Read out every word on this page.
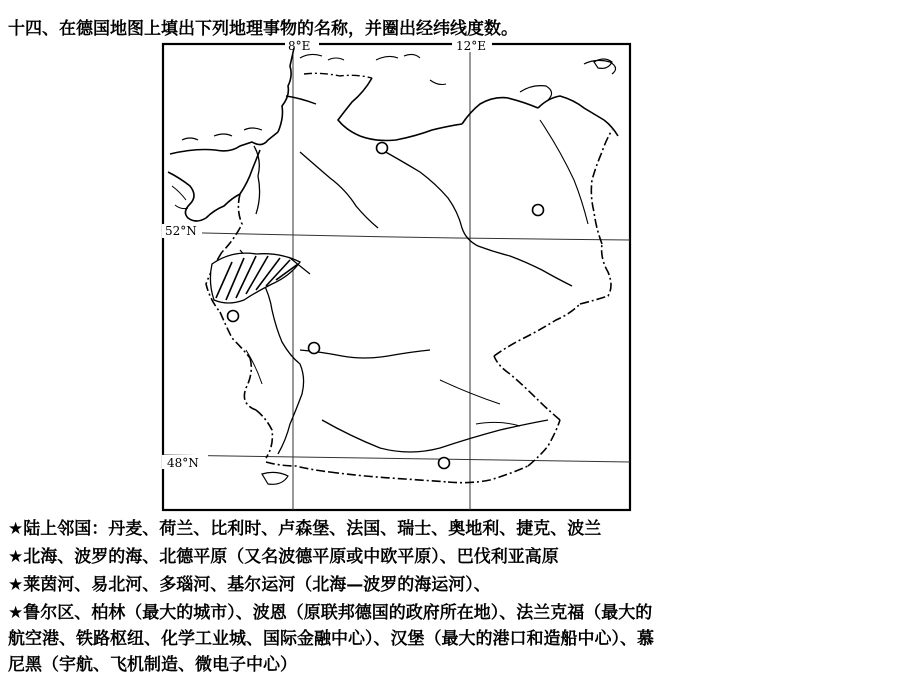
十四、在德国地图上填出下列地理事物的名称，并圈出经纬线度数。
8°E	12°E
52°N
48°N
★陆上邻国：丹麦、荷兰、比利时、卢森堡、法国、瑞士、奥地利、捷克、波兰
★北海、波罗的海、北德平原（又名波德平原或中欧平原）、巴伐利亚高原
★莱茵河、易北河、多瑙河、基尔运河（北海—波罗的海运河）、
★鲁尔区、柏林（最大的城市）、波恩（原联邦德国的政府所在地）、法兰克福（最大的
航空港、铁路枢纽、化学工业城、国际金融中心）、汉堡（最大的港口和造船中心）、慕
尼黑（宇航、飞机制造、微电子中心）
